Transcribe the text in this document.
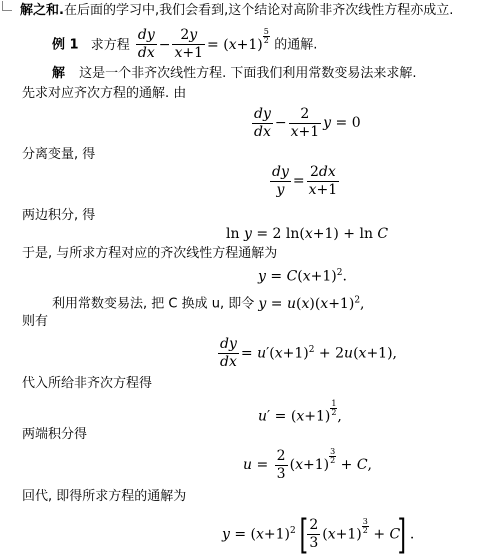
解之和.在后面的学习中,我们会看到,这个结论对高阶非齐次线性方程亦成立.
例 1 求方程 $\frac{dy}{dx} - \frac{2y}{x+1} = (x+1) \frac{5}{2}$
的通解.
解 这是一个非齐次线性方程. 下面我们利用常数变易法来求解.
先求对应齐次方程的通解. 由
$\frac{dy}{dx} - \frac{2}{x+1}$ y = 0
分离变量, 得
$\frac{dy}{y} = \frac{2dx}{x+1}$
两边积分, 得
ln y = 2 ln(x+1) + ln C
于是, 与所求方程对应的齐次线性方程通解为
$y = C(x+1)^2$.
利用常数变易法, 把 C 换成 u, 即令 $y = u(x)(x+1)^2$,
则有
$\frac{dy}{dx} = u'(x+1)^2 + 2u(x+1)$,
代入所给非齐次方程得
$u' = (x+1) \frac{1}{2}$ ,
两端积分得
$u = \frac{2}{3} (x+1) \frac{3}{2} + C$,
回代, 即得所求方程的通解为
$y = (x+1)^2[ \frac{2}{3} (x+1) \frac{3}{2} + C]$ .
